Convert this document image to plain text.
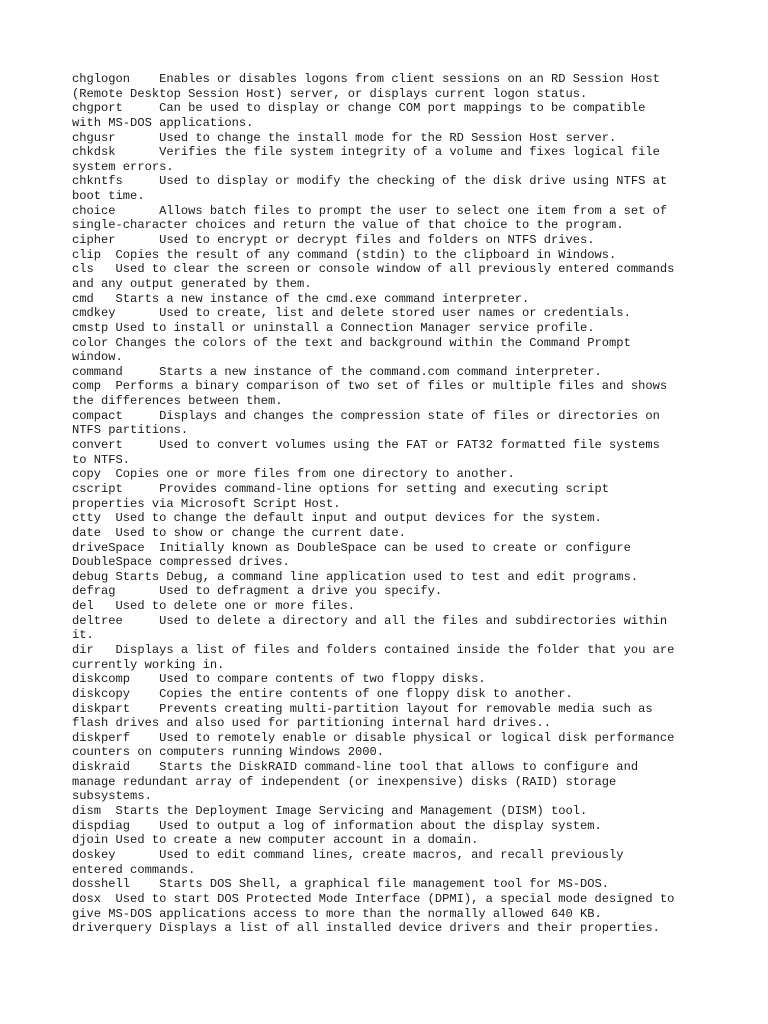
chglogon    Enables or disables logons from client sessions on an RD Session Host
(Remote Desktop Session Host) server, or displays current logon status.
chgport     Can be used to display or change COM port mappings to be compatible
with MS-DOS applications.
chgusr      Used to change the install mode for the RD Session Host server.
chkdsk      Verifies the file system integrity of a volume and fixes logical file
system errors.
chkntfs     Used to display or modify the checking of the disk drive using NTFS at
boot time.
choice      Allows batch files to prompt the user to select one item from a set of
single-character choices and return the value of that choice to the program.
cipher      Used to encrypt or decrypt files and folders on NTFS drives.
clip  Copies the result of any command (stdin) to the clipboard in Windows.
cls   Used to clear the screen or console window of all previously entered commands
and any output generated by them.
cmd   Starts a new instance of the cmd.exe command interpreter.
cmdkey      Used to create, list and delete stored user names or credentials.
cmstp Used to install or uninstall a Connection Manager service profile.
color Changes the colors of the text and background within the Command Prompt
window.
command     Starts a new instance of the command.com command interpreter.
comp  Performs a binary comparison of two set of files or multiple files and shows
the differences between them.
compact     Displays and changes the compression state of files or directories on
NTFS partitions.
convert     Used to convert volumes using the FAT or FAT32 formatted file systems
to NTFS.
copy  Copies one or more files from one directory to another.
cscript     Provides command-line options for setting and executing script
properties via Microsoft Script Host.
ctty  Used to change the default input and output devices for the system.
date  Used to show or change the current date.
driveSpace  Initially known as DoubleSpace can be used to create or configure
DoubleSpace compressed drives.
debug Starts Debug, a command line application used to test and edit programs.
defrag      Used to defragment a drive you specify.
del   Used to delete one or more files.
deltree     Used to delete a directory and all the files and subdirectories within
it.
dir   Displays a list of files and folders contained inside the folder that you are
currently working in.
diskcomp    Used to compare contents of two floppy disks.
diskcopy    Copies the entire contents of one floppy disk to another.
diskpart    Prevents creating multi-partition layout for removable media such as
flash drives and also used for partitioning internal hard drives..
diskperf    Used to remotely enable or disable physical or logical disk performance
counters on computers running Windows 2000.
diskraid    Starts the DiskRAID command-line tool that allows to configure and
manage redundant array of independent (or inexpensive) disks (RAID) storage
subsystems.
dism  Starts the Deployment Image Servicing and Management (DISM) tool.
dispdiag    Used to output a log of information about the display system.
djoin Used to create a new computer account in a domain.
doskey      Used to edit command lines, create macros, and recall previously
entered commands.
dosshell    Starts DOS Shell, a graphical file management tool for MS-DOS.
dosx  Used to start DOS Protected Mode Interface (DPMI), a special mode designed to
give MS-DOS applications access to more than the normally allowed 640 KB.
driverquery Displays a list of all installed device drivers and their properties.
